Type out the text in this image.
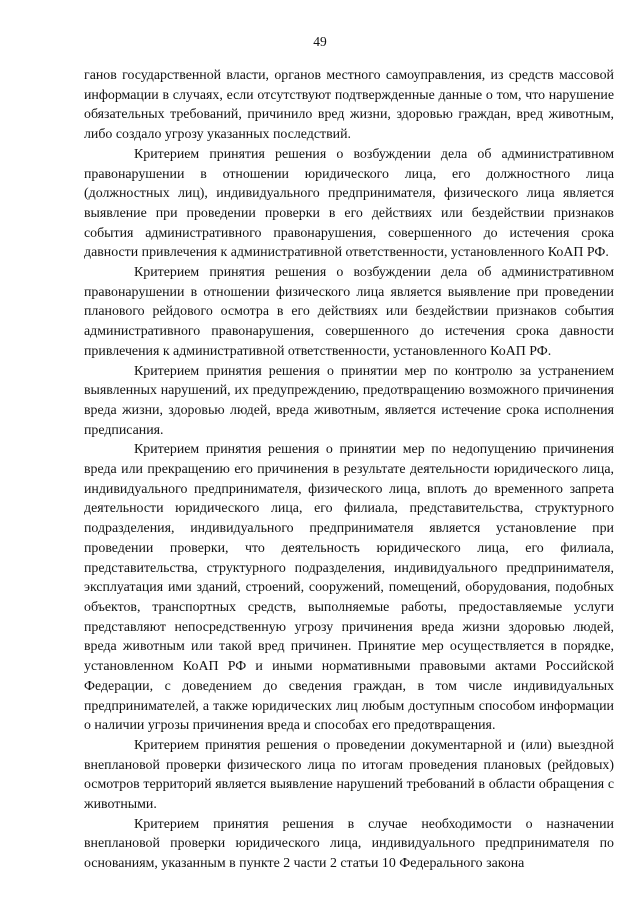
49

ганов государственной власти, органов местного самоуправления, из средств массовой информации в случаях, если отсутствуют подтвержденные данные о том, что нарушение обязательных требований, причинило вред жизни, здоровью граждан, вред животным, либо создало угрозу указанных последствий.

Критерием принятия решения о возбуждении дела об административном правонарушении в отношении юридического лица, его должностного лица (должностных лиц), индивидуального предпринимателя, физического лица является выявление при проведении проверки в его действиях или бездействии признаков события административного правонарушения, совершенного до истечения срока давности привлечения к административной ответственности, установленного КоАП РФ.

Критерием принятия решения о возбуждении дела об административном правонарушении в отношении физического лица является выявление при проведении планового рейдового осмотра в его действиях или бездействии признаков события административного правонарушения, совершенного до истечения срока давности привлечения к административной ответственности, установленного КоАП РФ.

Критерием принятия решения о принятии мер по контролю за устранением выявленных нарушений, их предупреждению, предотвращению возможного причинения вреда жизни, здоровью людей, вреда животным, является истечение срока исполнения предписания.

Критерием принятия решения о принятии мер по недопущению причинения вреда или прекращению его причинения в результате деятельности юридического лица, индивидуального предпринимателя, физического лица, вплоть до временного запрета деятельности юридического лица, его филиала, представительства, структурного подразделения, индивидуального предпринимателя является установление при проведении проверки, что деятельность юридического лица, его филиала, представительства, структурного подразделения, индивидуального предпринимателя, эксплуатация ими зданий, строений, сооружений, помещений, оборудования, подобных объектов, транспортных средств, выполняемые работы, предоставляемые услуги представляют непосредственную угрозу причинения вреда жизни здоровью людей, вреда животным или такой вред причинен. Принятие мер осуществляется в порядке, установленном КоАП РФ и иными нормативными правовыми актами Российской Федерации, с доведением до сведения граждан, в том числе индивидуальных предпринимателей, а также юридических лиц любым доступным способом информации о наличии угрозы причинения вреда и способах его предотвращения.

Критерием принятия решения о проведении документарной и (или) выездной внеплановой проверки физического лица по итогам проведения плановых (рейдовых) осмотров территорий является выявление нарушений требований в области обращения с животными.

Критерием принятия решения в случае необходимости о назначении внеплановой проверки юридического лица, индивидуального предпринимателя по основаниям, указанным в пункте 2 части 2 статьи 10 Федерального закона
